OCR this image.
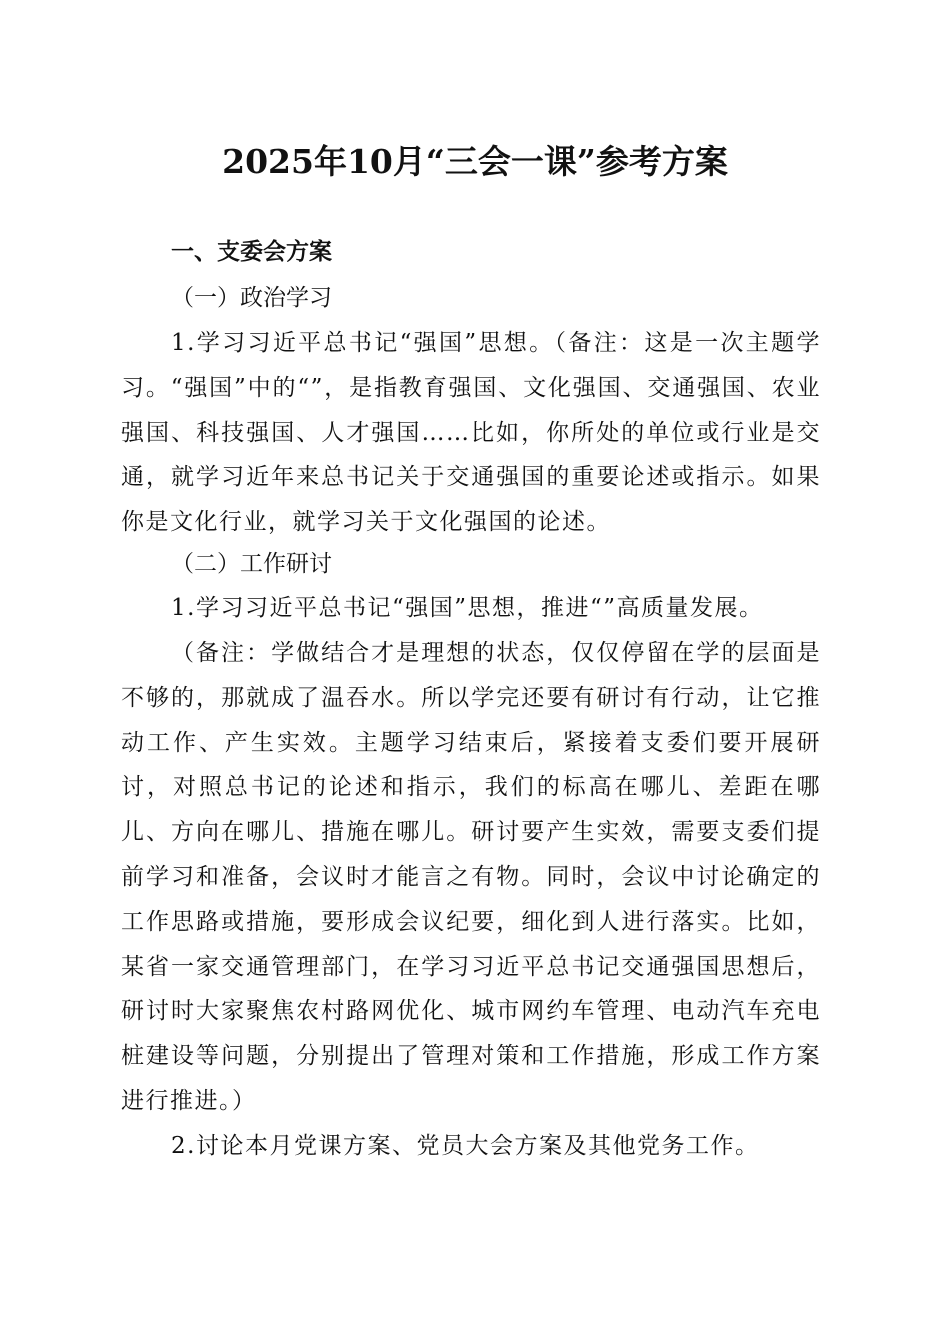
2025年10月“三会一课”参考方案
一、支委会方案
（一）政治学习
1.学习习近平总书记“强国”思想。（备注：这是一次主题学习。“强国”中的“”，是指教育强国、文化强国、交通强国、农业强国、科技强国、人才强国……比如，你所处的单位或行业是交通，就学习近年来总书记关于交通强国的重要论述或指示。如果你是文化行业，就学习关于文化强国的论述。
（二）工作研讨
1.学习习近平总书记“强国”思想，推进“”高质量发展。
（备注：学做结合才是理想的状态，仅仅停留在学的层面是不够的，那就成了温吞水。所以学完还要有研讨有行动，让它推动工作、产生实效。主题学习结束后，紧接着支委们要开展研讨，对照总书记的论述和指示，我们的标高在哪儿、差距在哪儿、方向在哪儿、措施在哪儿。研讨要产生实效，需要支委们提前学习和准备，会议时才能言之有物。同时，会议中讨论确定的工作思路或措施，要形成会议纪要，细化到人进行落实。比如，某省一家交通管理部门，在学习习近平总书记交通强国思想后，研讨时大家聚焦农村路网优化、城市网约车管理、电动汽车充电桩建设等问题，分别提出了管理对策和工作措施，形成工作方案进行推进。）
2.讨论本月党课方案、党员大会方案及其他党务工作。
